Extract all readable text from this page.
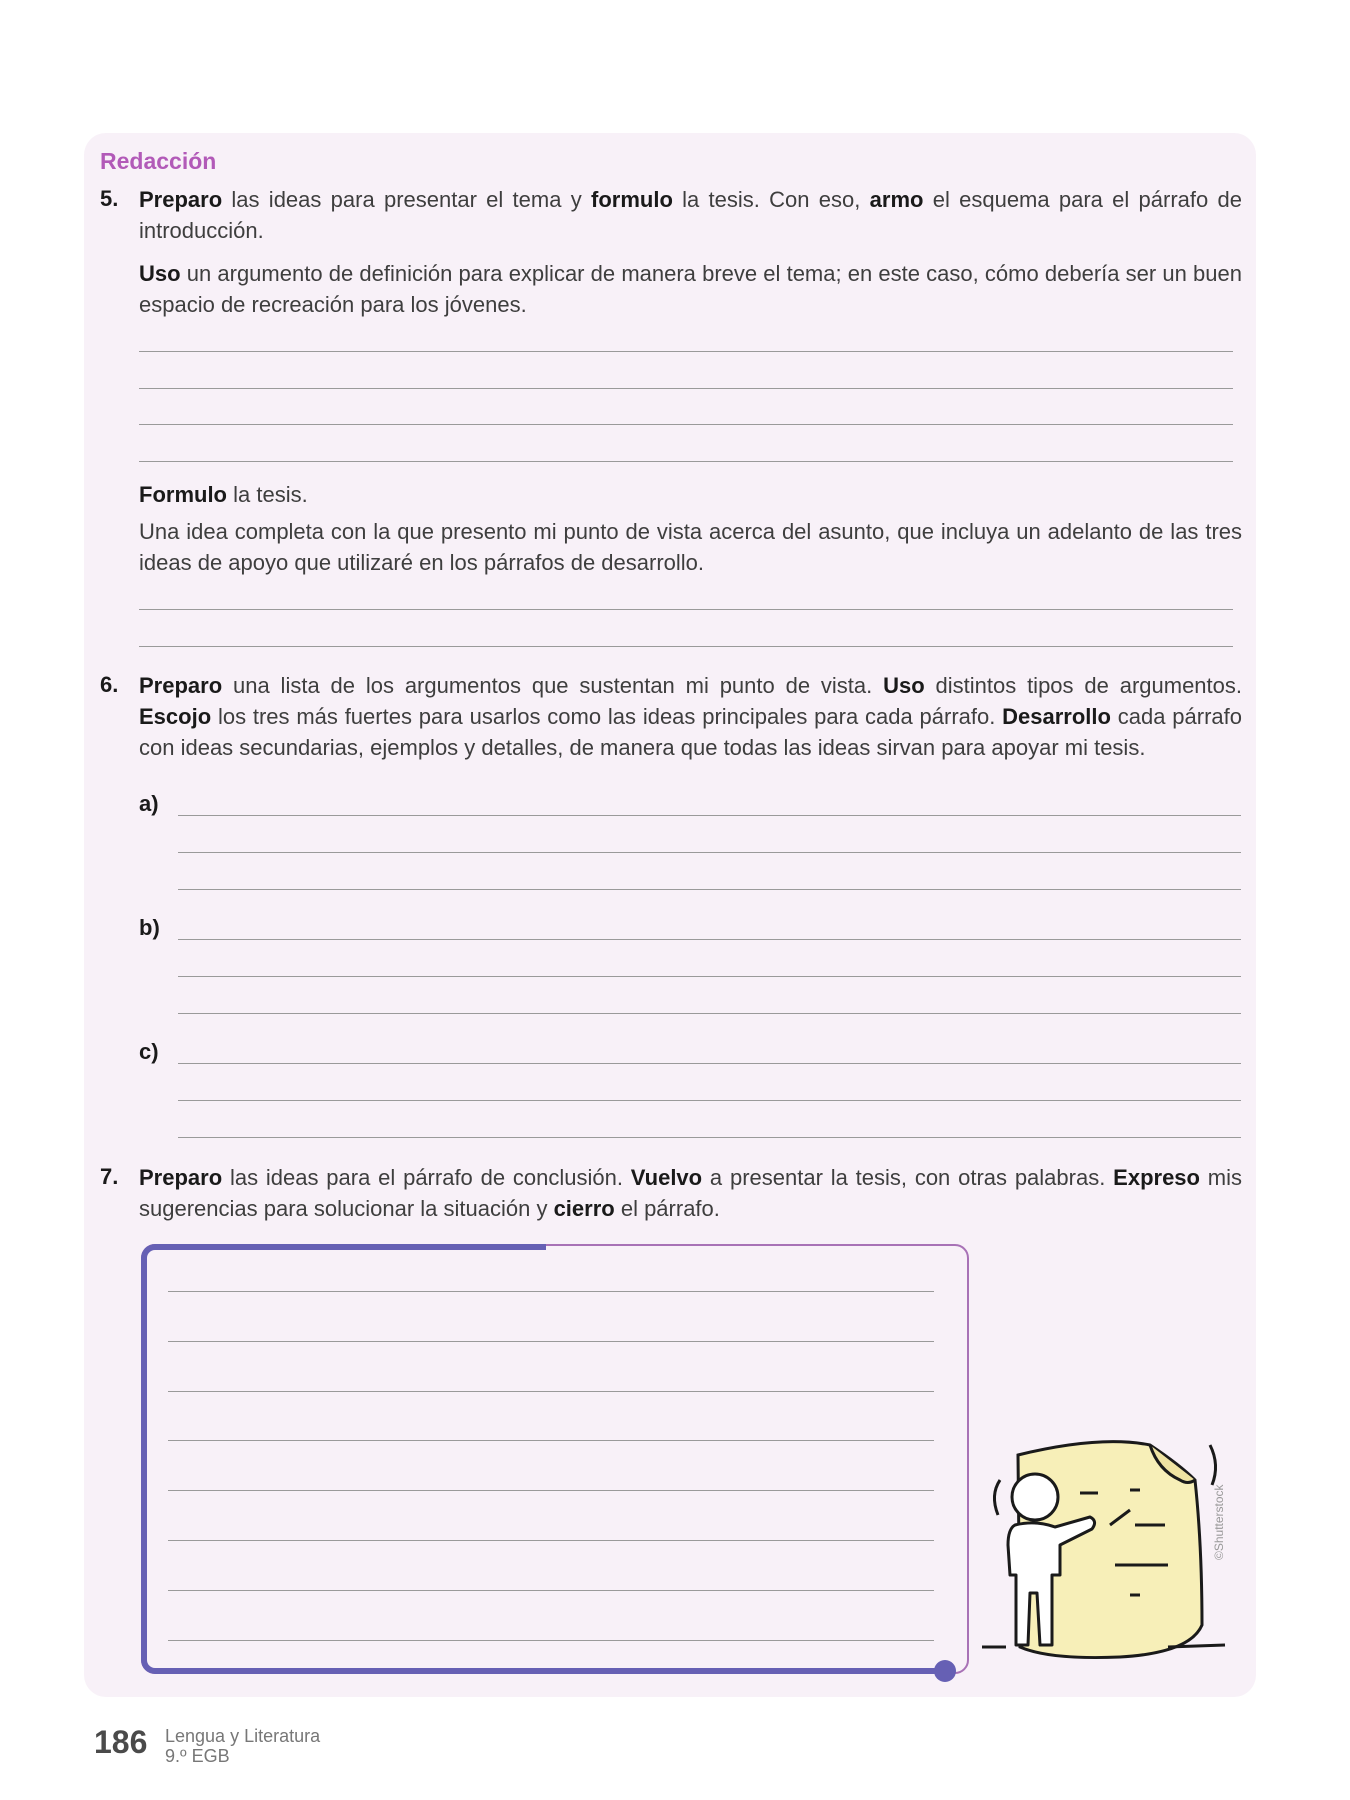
Redacción
5. Preparo las ideas para presentar el tema y formulo la tesis. Con eso, armo el esquema para el párrafo de introducción.

Uso un argumento de definición para explicar de manera breve el tema; en este caso, cómo debería ser un buen espacio de recreación para los jóvenes.

Formulo la tesis.

Una idea completa con la que presento mi punto de vista acerca del asunto, que incluya un adelanto de las tres ideas de apoyo que utilizaré en los párrafos de desarrollo.

6. Preparo una lista de los argumentos que sustentan mi punto de vista. Uso distintos tipos de argumentos. Escojo los tres más fuertes para usarlos como las ideas principales para cada párrafo. Desarrollo cada párrafo con ideas secundarias, ejemplos y detalles, de manera que todas las ideas sirvan para apoyar mi tesis.

a)
b)
c)
7. Preparo las ideas para el párrafo de conclusión. Vuelvo a presentar la tesis, con otras palabras. Expreso mis sugerencias para solucionar la situación y cierro el párrafo.

©Shutterstock
186 Lengua y Literatura
9.º EGB
